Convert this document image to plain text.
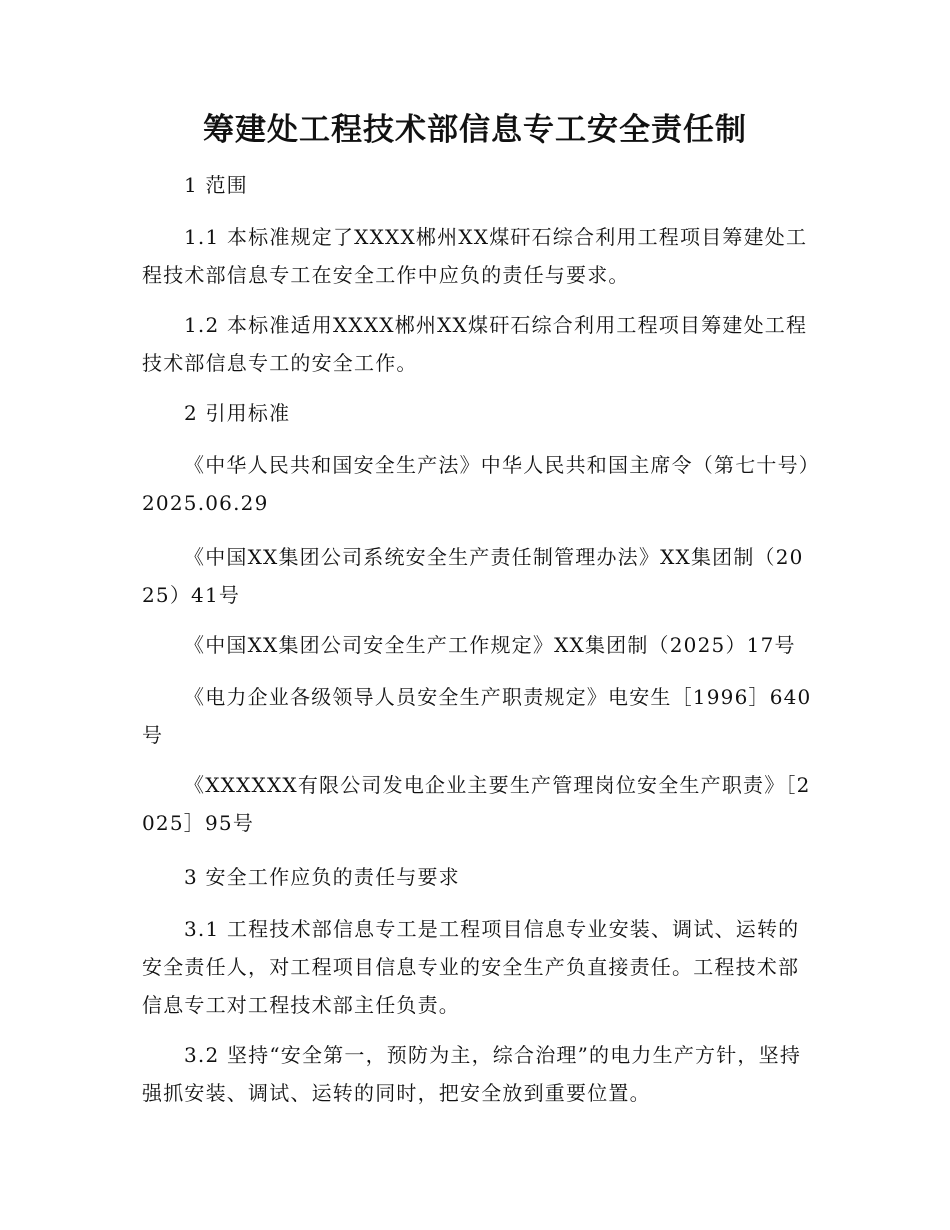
筹建处工程技术部信息专工安全责任制
1 范围
1.1 本标准规定了XXXX郴州XX煤矸石综合利用工程项目筹建处工程技术部信息专工在安全工作中应负的责任与要求。
1.2 本标准适用XXXX郴州XX煤矸石综合利用工程项目筹建处工程技术部信息专工的安全工作。
2 引用标准
《中华人民共和国安全生产法》中华人民共和国主席令（第七十号）2025.06.29
《中国XX集团公司系统安全生产责任制管理办法》XX集团制（2025）41号
《中国XX集团公司安全生产工作规定》XX集团制（2025）17号
《电力企业各级领导人员安全生产职责规定》电安生［1996］640号
《XXXXXX有限公司发电企业主要生产管理岗位安全生产职责》［2025］95号
3 安全工作应负的责任与要求
3.1 工程技术部信息专工是工程项目信息专业安装、调试、运转的安全责任人，对工程项目信息专业的安全生产负直接责任。工程技术部信息专工对工程技术部主任负责。
3.2 坚持“安全第一，预防为主，综合治理”的电力生产方针，坚持强抓安装、调试、运转的同时，把安全放到重要位置。
